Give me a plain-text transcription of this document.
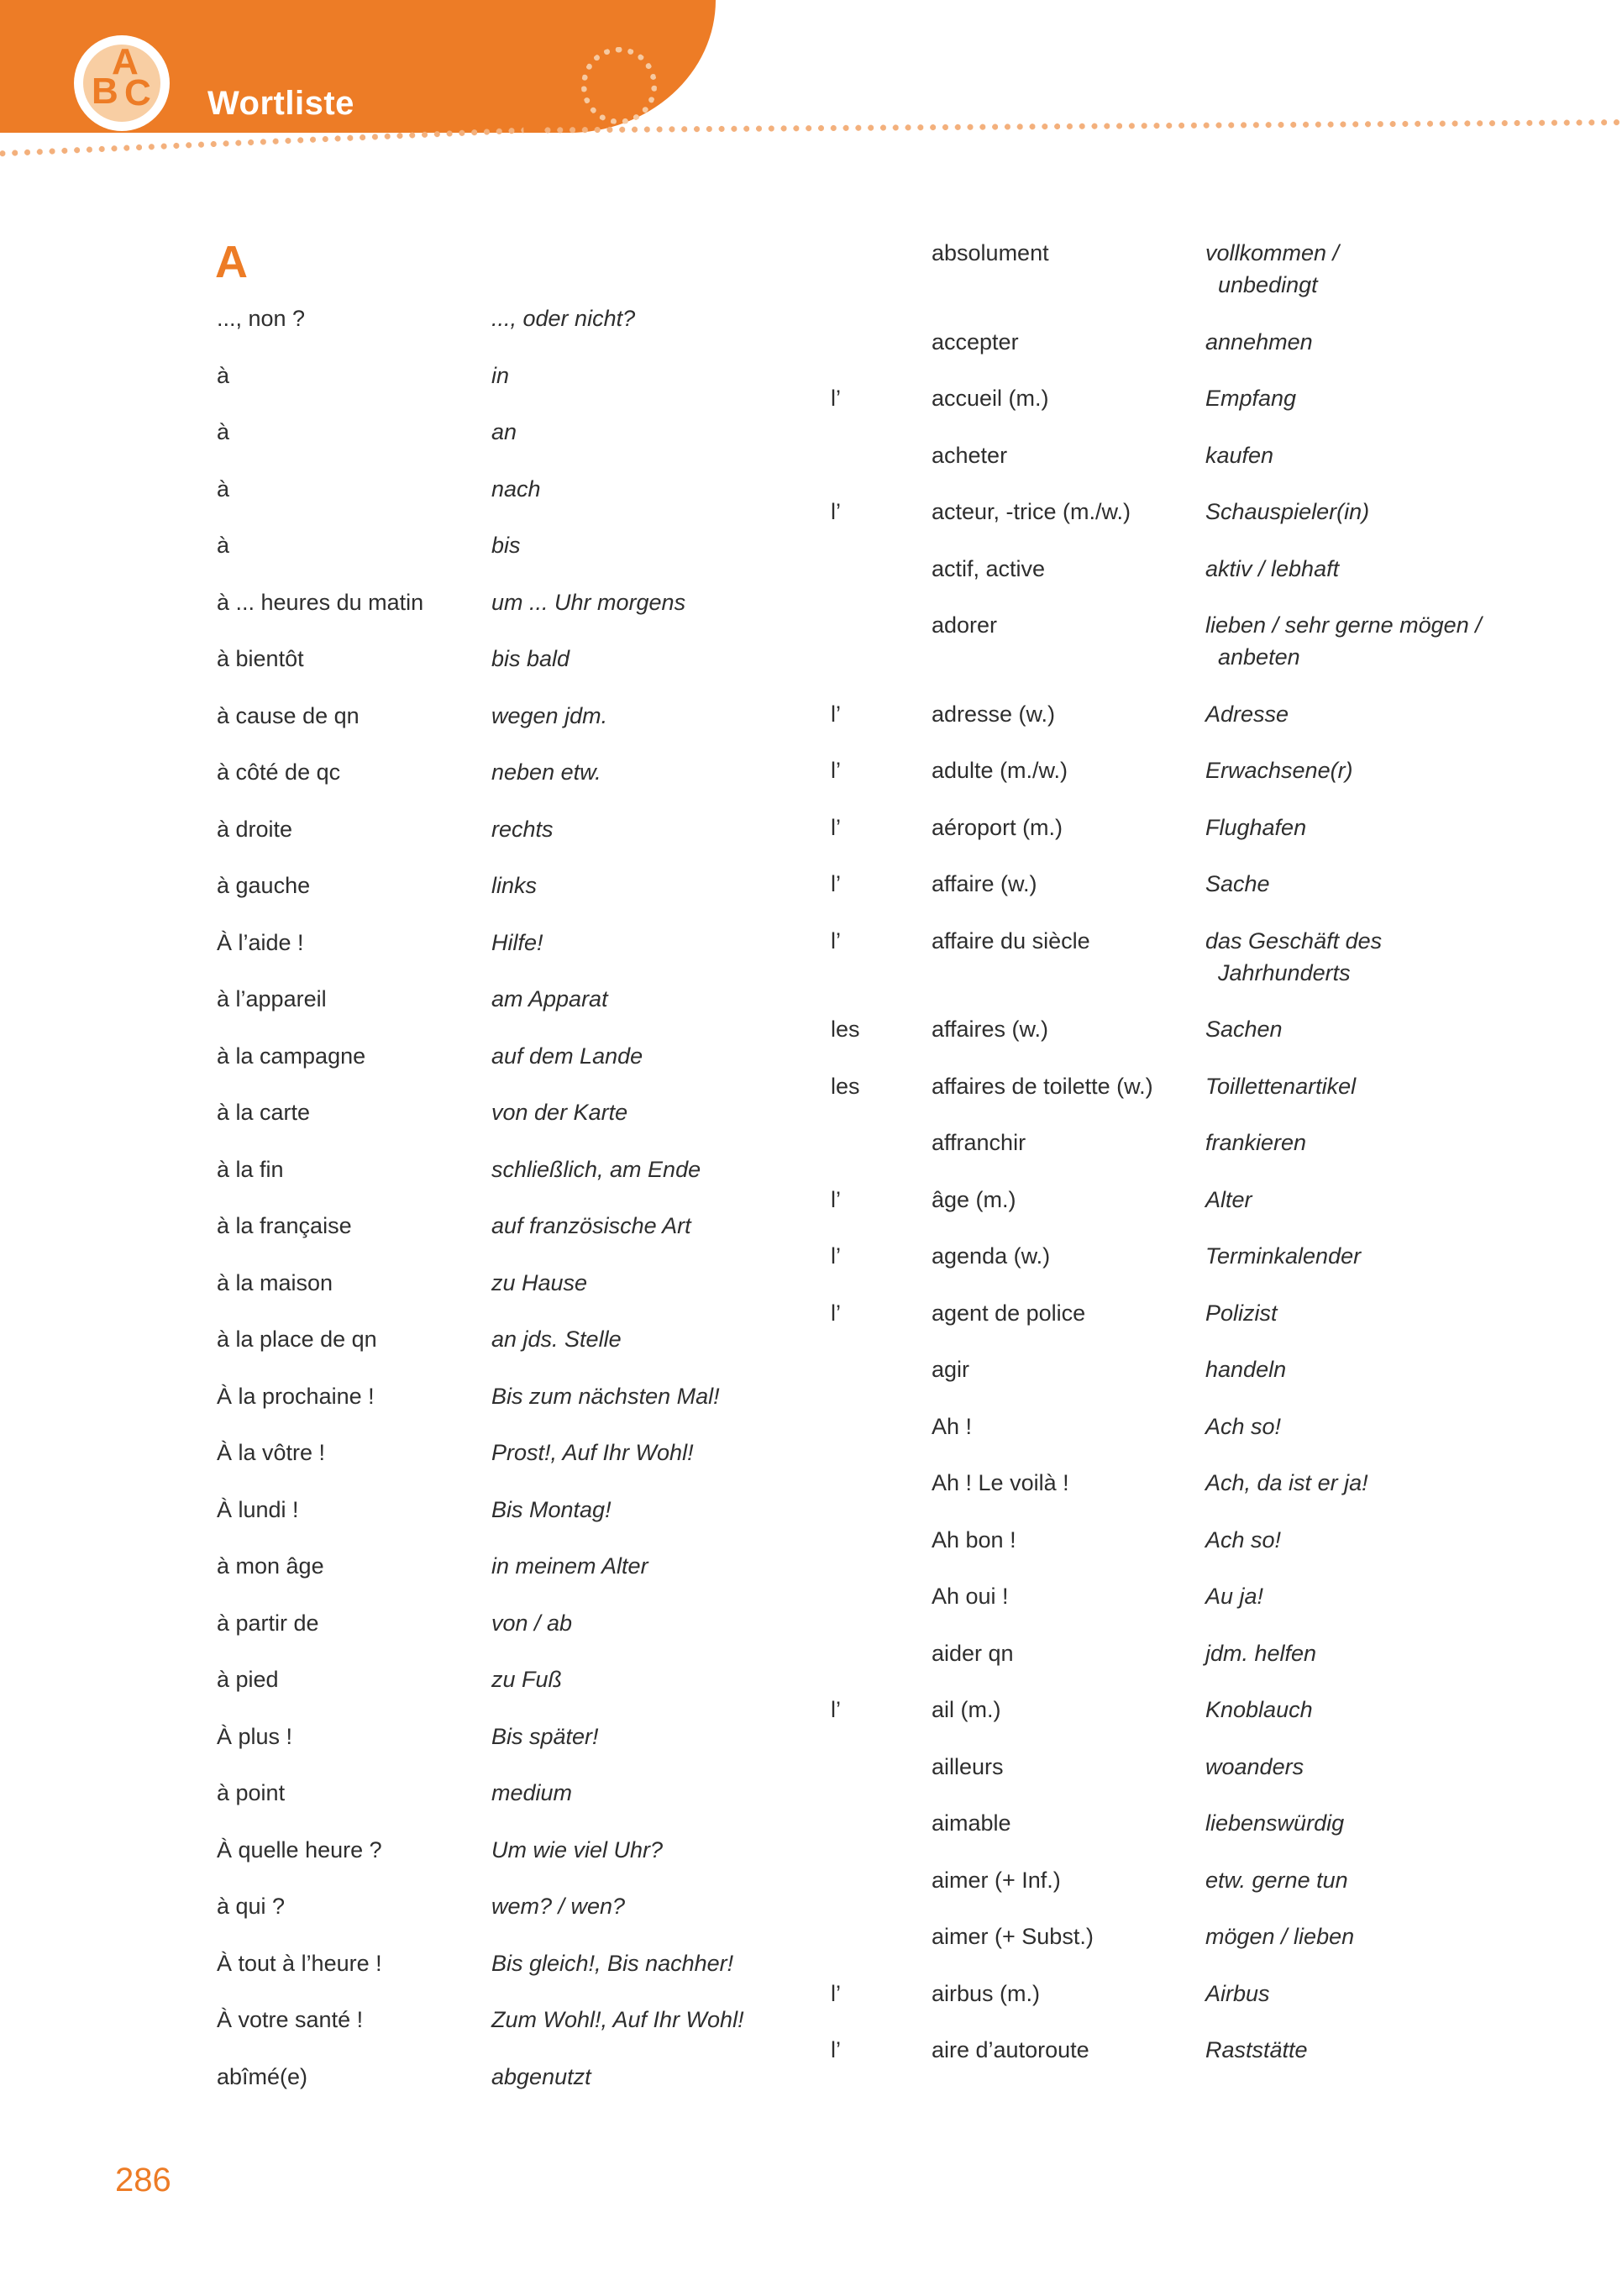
A
B C Wortliste
A
..., non ?	..., oder nicht?
à	in
à	an
à	nach
à	bis
à ... heures du matin	um ... Uhr morgens
à bientôt	bis bald
à cause de qn	wegen jdm.
à côté de qc	neben etw.
à droite	rechts
à gauche	links
À l’aide !	Hilfe!
à l’appareil	am Apparat
à la campagne	auf dem Lande
à la carte	von der Karte
à la fin	schließlich, am Ende
à la française	auf französische Art
à la maison	zu Hause
à la place de qn	an jds. Stelle
À la prochaine !	Bis zum nächsten Mal!
À la vôtre !	Prost!, Auf Ihr Wohl!
À lundi !	Bis Montag!
à mon âge	in meinem Alter
à partir de	von / ab
à pied	zu Fuß
À plus !	Bis später!
à point	medium
À quelle heure ?	Um wie viel Uhr?
à qui ?	wem? / wen?
À tout à l’heure !	Bis gleich!, Bis nachher!
À votre santé !	Zum Wohl!, Auf Ihr Wohl!
abîmé(e)	abgenutzt
absolument	vollkommen /
unbedingt
accepter	annehmen
l’	accueil (m.)	Empfang
acheter	kaufen
l’	acteur, -trice (m./w.)	Schauspieler(in)
actif, active	aktiv / lebhaft
adorer	lieben / sehr gerne mögen /
anbeten
l’	adresse (w.)	Adresse
l’	adulte (m./w.)	Erwachsene(r)
l’	aéroport (m.)	Flughafen
l’	affaire (w.)	Sache
l’	affaire du siècle	das Geschäft des
Jahrhunderts
les	affaires (w.)	Sachen
les	affaires de toilette (w.)	Toillettenartikel
affranchir	frankieren
l’	âge (m.)	Alter
l’	agenda (w.)	Terminkalender
l’	agent de police	Polizist
agir	handeln
Ah !	Ach so!
Ah ! Le voilà !	Ach, da ist er ja!
Ah bon !	Ach so!
Ah oui !	Au ja!
aider qn	jdm. helfen
l’	ail (m.)	Knoblauch
ailleurs	woanders
aimable	liebenswürdig
aimer (+ Inf.)	etw. gerne tun
aimer (+ Subst.)	mögen / lieben
l’	airbus (m.)	Airbus
l’	aire d’autoroute	Raststätte
286
